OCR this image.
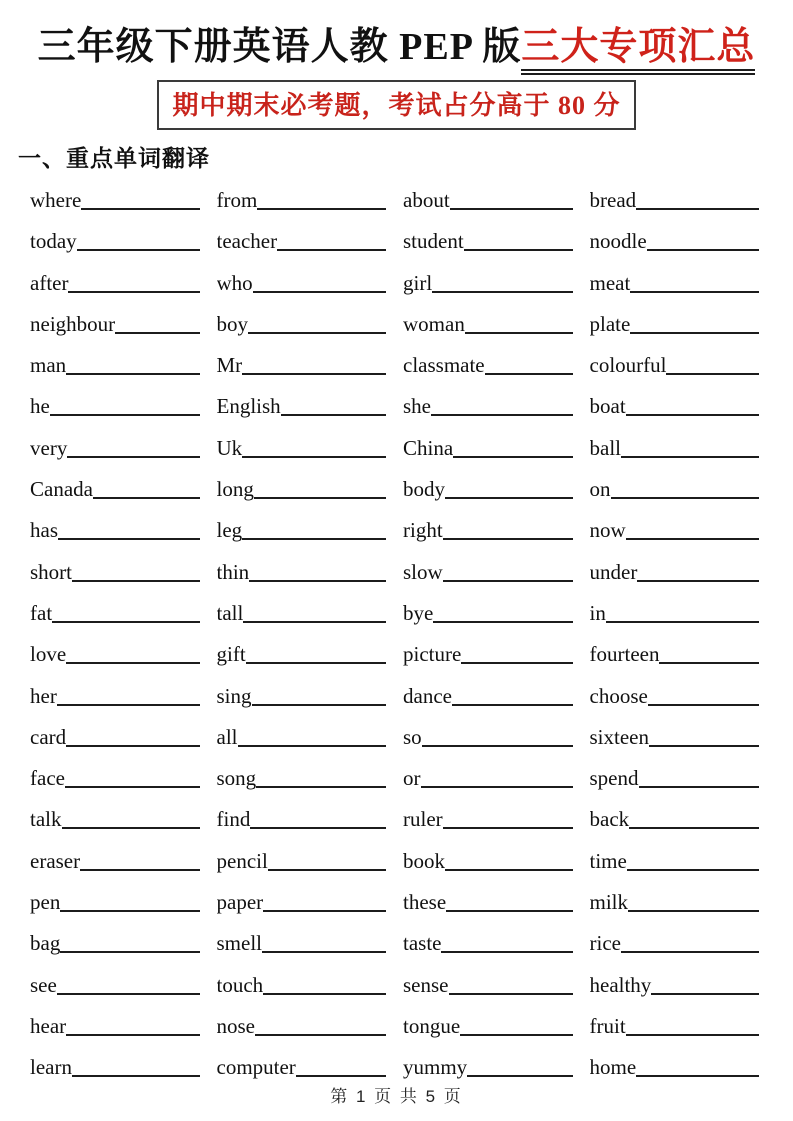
三年级下册英语人教 PEP 版三大专项汇总
期中期末必考题，考试占分高于 80 分
一、重点单词翻译
where	from	about	bread
today	teacher	student	noodle
after	who	girl	meat
neighbour	boy	woman	plate
man	Mr	classmate	colourful
he	English	she	boat
very	Uk	China	ball
Canada	long	body	on
has	leg	right	now
short	thin	slow	under
fat	tall	bye	in
love	gift	picture	fourteen
her	sing	dance	choose
card	all	so	sixteen
face	song	or	spend
talk	find	ruler	back
eraser	pencil	book	time
pen	paper	these	milk
bag	smell	taste	rice
see	touch	sense	healthy
hear	nose	tongue	fruit
learn	computer	yummy	home
第 1 页 共 5 页
